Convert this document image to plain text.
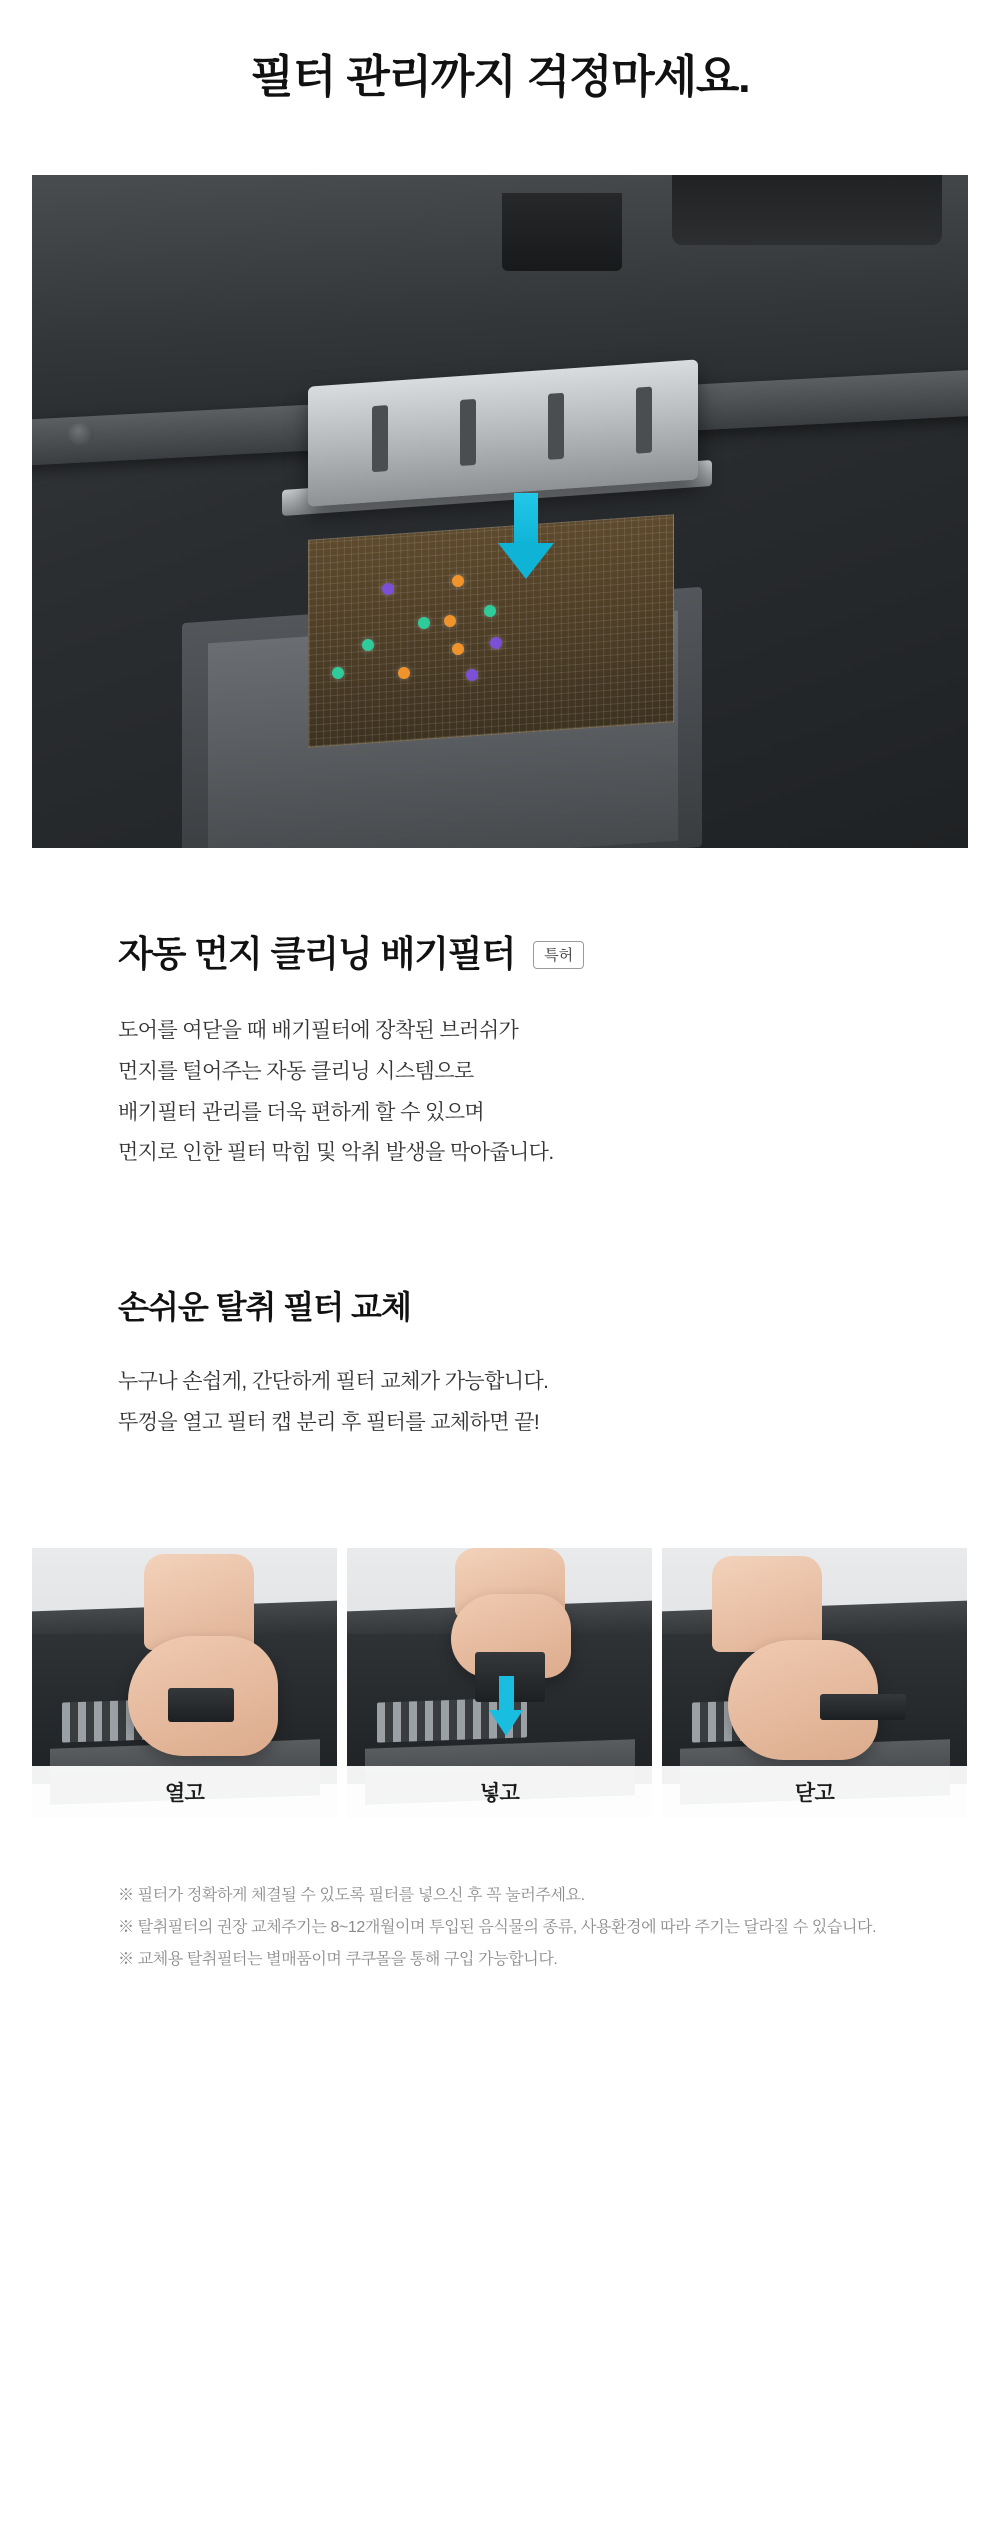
필터 관리까지 걱정마세요.
자동 먼지 클리닝 배기필터	특허
도어를 여닫을 때 배기필터에 장착된 브러쉬가
먼지를 털어주는 자동 클리닝 시스템으로
배기필터 관리를 더욱 편하게 할 수 있으며
먼지로 인한 필터 막힘 및 악취 발생을 막아줍니다.
손쉬운 탈취 필터 교체
누구나 손쉽게, 간단하게 필터 교체가 가능합니다.
뚜껑을 열고 필터 캡 분리 후 필터를 교체하면 끝!
열고	넣고	닫고
※ 필터가 정확하게 체결될 수 있도록 필터를 넣으신 후 꼭 눌러주세요.
※ 탈취필터의 권장 교체주기는 8~12개월이며 투입된 음식물의 종류, 사용환경에 따라 주기는 달라질 수 있습니다.
※ 교체용 탈취필터는 별매품이며 쿠쿠몰을 통해 구입 가능합니다.
